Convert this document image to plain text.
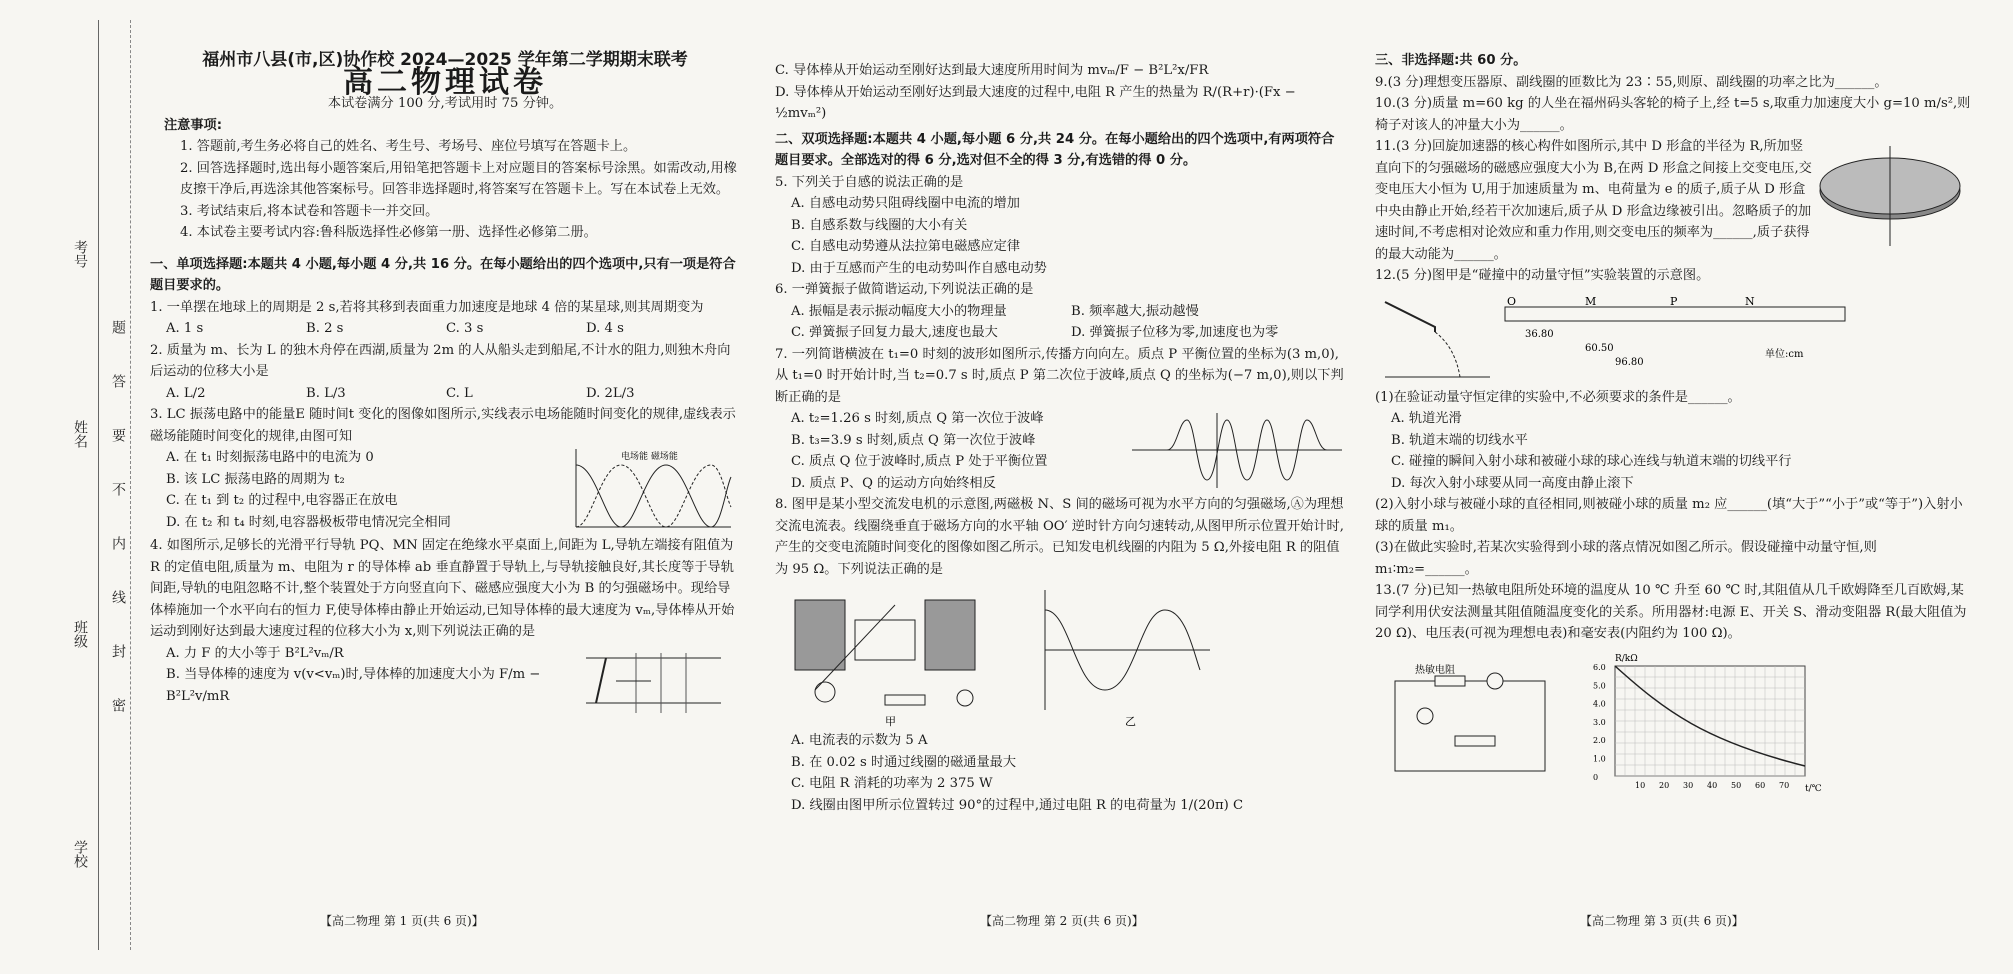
考号
姓名
班级
学校
题答要不内线封密

福州市八县(市,区)协作校 2024—2025 学年第二学期期末联考

高二物理试卷

本试卷满分 100 分,考试用时 75 分钟。

注意事项:

1. 答题前,考生务必将自己的姓名、考生号、考场号、座位号填写在答题卡上。

2. 回答选择题时,选出每小题答案后,用铅笔把答题卡上对应题目的答案标号涂黑。如需改动,用橡皮擦干净后,再选涂其他答案标号。回答非选择题时,将答案写在答题卡上。写在本试卷上无效。

3. 考试结束后,将本试卷和答题卡一并交回。

4. 本试卷主要考试内容:鲁科版选择性必修第一册、选择性必修第二册。

一、单项选择题:本题共 4 小题,每小题 4 分,共 16 分。在每小题给出的四个选项中,只有一项是符合题目要求的。

1. 一单摆在地球上的周期是 2 s,若将其移到表面重力加速度是地球 4 倍的某星球,则其周期变为

A. 1 s	B. 2 s	C. 3 s	D. 4 s

2. 质量为 m、长为 L 的独木舟停在西湖,质量为 2m 的人从船头走到船尾,不计水的阻力,则独木舟向后运动的位移大小是

A. L/2	B. L/3	C. L	D. 2L/3

3. LC 振荡电路中的能量E 随时间t 变化的图像如图所示,实线表示电场能随时间变化的规律,虚线表示磁场能随时间变化的规律,由图可知

A. 在 t₁ 时刻振荡电路中的电流为 0

B. 该 LC 振荡电路的周期为 t₂

C. 在 t₁ 到 t₂ 的过程中,电容器正在放电

D. 在 t₂ 和 t₄ 时刻,电容器极板带电情况完全相同

电场能 磁场能

4. 如图所示,足够长的光滑平行导轨 PQ、MN 固定在绝缘水平桌面上,间距为 L,导轨左端接有阻值为 R 的定值电阻,质量为 m、电阻为 r 的导体棒 ab 垂直静置于导轨上,与导轨接触良好,其长度等于导轨间距,导轨的电阻忽略不计,整个装置处于方向竖直向下、磁感应强度大小为 B 的匀强磁场中。现给导体棒施加一个水平向右的恒力 F,使导体棒由静止开始运动,已知导体棒的最大速度为 vₘ,导体棒从开始运动到刚好达到最大速度过程的位移大小为 x,则下列说法正确的是

A. 力 F 的大小等于 B²L²vₘ/R

B. 当导体棒的速度为 v(v<vₘ)时,导体棒的加速度大小为 F/m − B²L²v/mR

C. 导体棒从开始运动至刚好达到最大速度所用时间为 mvₘ/F − B²L²x/FR

D. 导体棒从开始运动至刚好达到最大速度的过程中,电阻 R 产生的热量为 R/(R+r)·(Fx − ½mvₘ²)

二、双项选择题:本题共 4 小题,每小题 6 分,共 24 分。在每小题给出的四个选项中,有两项符合题目要求。全部选对的得 6 分,选对但不全的得 3 分,有选错的得 0 分。

5. 下列关于自感的说法正确的是

A. 自感电动势只阻碍线圈中电流的增加

B. 自感系数与线圈的大小有关

C. 自感电动势遵从法拉第电磁感应定律

D. 由于互感而产生的电动势叫作自感电动势

6. 一弹簧振子做简谐运动,下列说法正确的是

A. 振幅是表示振动幅度大小的物理量	B. 频率越大,振动越慢

C. 弹簧振子回复力最大,速度也最大	D. 弹簧振子位移为零,加速度也为零

7. 一列简谐横波在 t₁=0 时刻的波形如图所示,传播方向向左。质点 P 平衡位置的坐标为(3 m,0),从 t₁=0 时开始计时,当 t₂=0.7 s 时,质点 P 第二次位于波峰,质点 Q 的坐标为(−7 m,0),则以下判断正确的是

A. t₂=1.26 s 时刻,质点 Q 第一次位于波峰

B. t₃=3.9 s 时刻,质点 Q 第一次位于波峰

C. 质点 Q 位于波峰时,质点 P 处于平衡位置

D. 质点 P、Q 的运动方向始终相反

8. 图甲是某小型交流发电机的示意图,两磁极 N、S 间的磁场可视为水平方向的匀强磁场,Ⓐ为理想交流电流表。线圈绕垂直于磁场方向的水平轴 OO′ 逆时针方向匀速转动,从图甲所示位置开始计时,产生的交变电流随时间变化的图像如图乙所示。已知发电机线圈的内阻为 5 Ω,外接电阻 R 的阻值为 95 Ω。下列说法正确的是

甲	乙

A. 电流表的示数为 5 A

B. 在 0.02 s 时通过线圈的磁通量最大

C. 电阻 R 消耗的功率为 2 375 W

D. 线圈由图甲所示位置转过 90°的过程中,通过电阻 R 的电荷量为 1/(20π) C

三、非选择题:共 60 分。

9.(3 分)理想变压器原、副线圈的匝数比为 23∶55,则原、副线圈的功率之比为______。

10.(3 分)质量 m=60 kg 的人坐在福州码头客轮的椅子上,经 t=5 s,取重力加速度大小 g=10 m/s²,则椅子对该人的冲量大小为______。

11.(3 分)回旋加速器的核心构件如图所示,其中 D 形盒的半径为 R,所加竖直向下的匀强磁场的磁感应强度大小为 B,在两 D 形盒之间接上交变电压,交变电压大小恒为 U,用于加速质量为 m、电荷量为 e 的质子,质子从 D 形盒中央由静止开始,经若干次加速后,质子从 D 形盒边缘被引出。忽略质子的加速时间,不考虑相对论效应和重力作用,则交变电压的频率为______,质子获得的最大动能为______。

12.(5 分)图甲是“碰撞中的动量守恒”实验装置的示意图。

O	M	P	N
36.80
60.50
96.80
单位:cm

(1)在验证动量守恒定律的实验中,不必须要求的条件是______。

A. 轨道光滑

B. 轨道末端的切线水平

C. 碰撞的瞬间入射小球和被碰小球的球心连线与轨道末端的切线平行

D. 每次入射小球要从同一高度由静止滚下

(2)入射小球与被碰小球的直径相同,则被碰小球的质量 m₂ 应______(填“大于”“小于”或“等于”)入射小球的质量 m₁。

(3)在做此实验时,若某次实验得到小球的落点情况如图乙所示。假设碰撞中动量守恒,则 m₁∶m₂=______。

13.(7 分)已知一热敏电阻所处环境的温度从 10 ℃ 升至 60 ℃ 时,其阻值从几千欧姆降至几百欧姆,某同学利用伏安法测量其阻值随温度变化的关系。所用器材:电源 E、开关 S、滑动变阻器 R(最大阻值为 20 Ω)、电压表(可视为理想电表)和毫安表(内阻约为 100 Ω)。

热敏电阻
R/kΩ
t/℃
6.0
5.0
4.0
3.0
2.0
1.0
0
10 20 30 40 50 60 70
【高二物理 第 1 页(共 6 页)】	【高二物理 第 2 页(共 6 页)】	【高二物理 第 3 页(共 6 页)】
